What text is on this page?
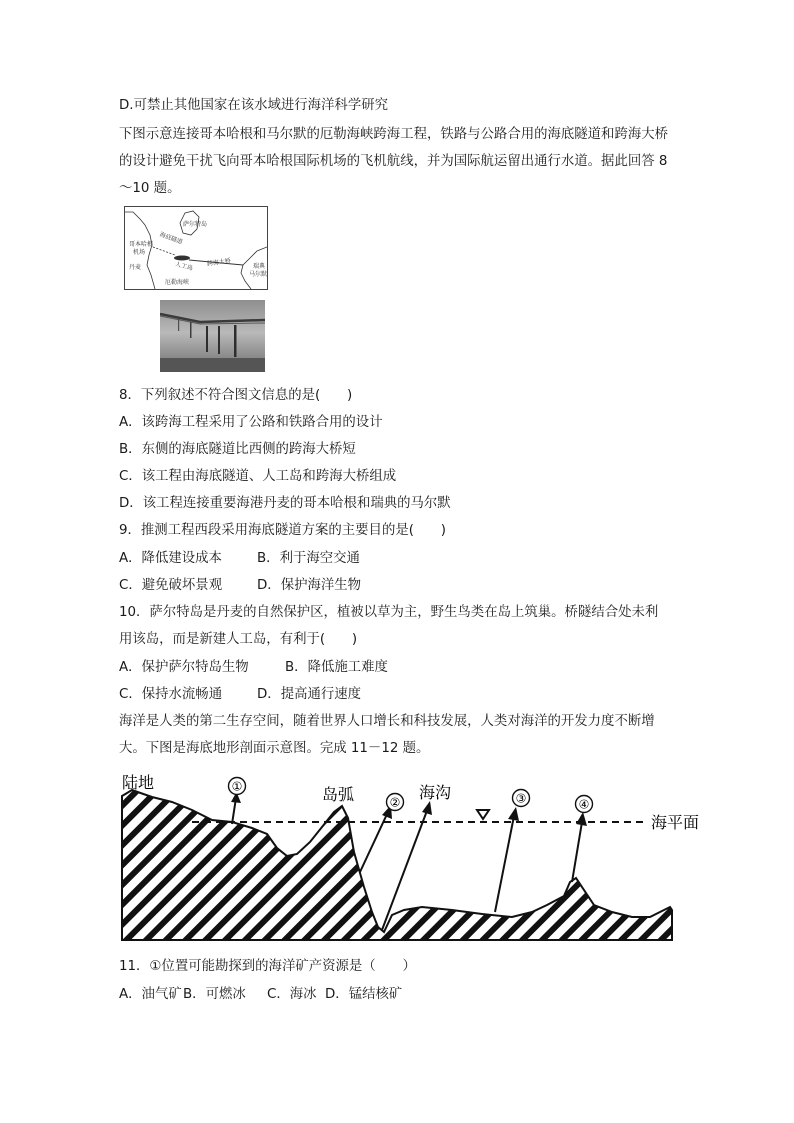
D.可禁止其他国家在该水域进行海洋科学研究
下图示意连接哥本哈根和马尔默的厄勒海峡跨海工程，铁路与公路合用的海底隧道和跨海大桥的设计避免干扰飞向哥本哈根国际机场的飞机航线，并为国际航运留出通行水道。据此回答 8～10 题。
萨尔特岛
海底隧道
哥本哈根
机场
丹麦	人工岛 跨海大桥	瑞典
马尔默
厄勒海峡
8．下列叙述不符合图文信息的是(　　)
A．该跨海工程采用了公路和铁路合用的设计
B．东侧的海底隧道比西侧的跨海大桥短
C．该工程由海底隧道、人工岛和跨海大桥组成
D．该工程连接重要海港丹麦的哥本哈根和瑞典的马尔默
9．推测工程西段采用海底隧道方案的主要目的是(　　)
A．降低建设成本	B．利于海空交通
C．避免破坏景观	D．保护海洋生物
10．萨尔特岛是丹麦的自然保护区，植被以草为主，野生鸟类在岛上筑巢。桥隧结合处未利
用该岛，而是新建人工岛，有利于(　　)
A．保护萨尔特岛生物	B．降低施工难度
C．保持水流畅通	D．提高通行速度
海洋是人类的第二生存空间，随着世界人口增长和科技发展，人类对海洋的开发力度不断增
大。下图是海底地形剖面示意图。完成 11－12 题。
①
②	③	④
陆地
岛弧	海沟
海平面
11．①位置可能勘探到的海洋矿产资源是（　　）
A．油气矿B．可燃冰 C．海冰 D．锰结核矿
